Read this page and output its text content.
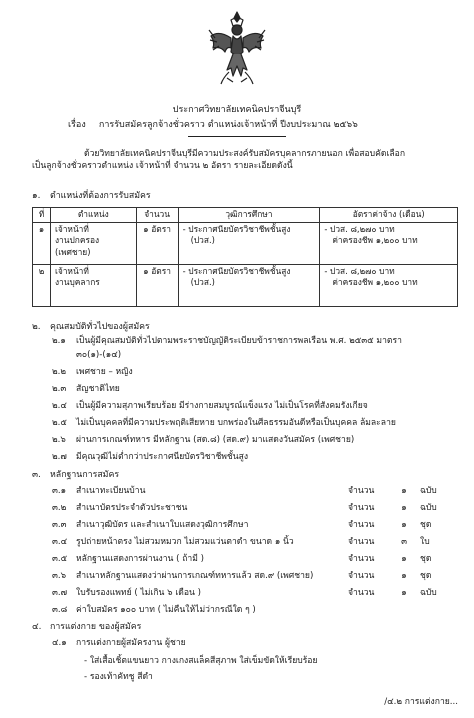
ประกาศวิทยาลัยเทคนิคปราจีนบุรี
เรื่อง การรับสมัครลูกจ้างชั่วคราว ตำแหน่งเจ้าหน้าที่ ปีงบประมาณ ๒๕๖๖

ด้วยวิทยาลัยเทคนิคปราจีนบุรีมีความประสงค์รับสมัครบุคลากรภายนอก เพื่อสอบคัดเลือก

เป็นลูกจ้างชั่วคราวตำแหน่ง เจ้าหน้าที่ จำนวน ๒ อัตรา รายละเอียดดังนี้

๑. ตำแหน่งที่ต้องการรับสมัคร
ที่	ตำแหน่ง	จำนวน	วุฒิการศึกษา	อัตราค่าจ้าง (เดือน)
๑	เจ้าหน้าที่
งานปกครอง
(เพศชาย)	๑ อัตรา	- ประกาศนียบัตรวิชาชีพชั้นสูง
(ปวส.)	- ปวส. ๘,๒๗๐ บาท
ค่าครองชีพ ๑,๒๐๐ บาท

๒	เจ้าหน้าที่
งานบุคลากร	๑ อัตรา	- ประกาศนียบัตรวิชาชีพชั้นสูง
(ปวส.)	- ปวส. ๘,๒๗๐ บาท
ค่าครองชีพ ๑,๒๐๐ บาท
๒. คุณสมบัติทั่วไปของผู้สมัคร
๒.๑ เป็นผู้มีคุณสมบัติทั่วไปตามพระราชบัญญัติระเบียบข้าราชการพลเรือน พ.ศ. ๒๕๓๕ มาตรา
๓๐(๑)-(๑๔)
๒.๒ เพศชาย – หญิง
๒.๓ สัญชาติไทย
๒.๔ เป็นผู้มีความสุภาพเรียบร้อย มีร่างกายสมบูรณ์แข็งแรง ไม่เป็นโรคที่สังคมรังเกียจ
๒.๕ ไม่เป็นบุคคลที่มีความประพฤติเสียหาย บกพร่องในศีลธรรมอันดีหรือเป็นบุคคล ล้มละลาย
๒.๖ ผ่านการเกณฑ์ทหาร มีหลักฐาน (สด.๘) (สด.๙) มาแสดงวันสมัคร (เพศชาย)
๒.๗ มีคุณวุฒิไม่ต่ำกว่าประกาศนียบัตรวิชาชีพชั้นสูง
๓. หลักฐานการสมัคร
๓.๑ สำเนาทะเบียนบ้าน	จำนวน	๑ ฉบับ
๓.๒ สำเนาบัตรประจำตัวประชาชน	จำนวน	๑ ฉบับ
๓.๓ สำเนาวุฒิบัตร และสำเนาใบแสดงวุฒิการศึกษา	จำนวน	๑ ชุด
๓.๔ รูปถ่ายหน้าตรง ไม่สวมหมวก ไม่สวมแว่นตาดำ ขนาด ๑ นิ้ว	จำนวน	๓ ใบ
๓.๕ หลักฐานแสดงการผ่านงาน ( ถ้ามี )	จำนวน	๑ ชุด
๓.๖ สำเนาหลักฐานแสดงว่าผ่านการเกณฑ์ทหารแล้ว สด.๙ (เพศชาย)	จำนวน	๑ ชุด
๓.๗ ใบรับรองแพทย์ ( ไม่เกิน ๖ เดือน )	จำนวน	๑ ฉบับ
๓.๘ ค่าใบสมัคร ๑๐๐ บาท ( ไม่คืนให้ไม่ว่ากรณีใด ๆ )
๔. การแต่งกาย ของผู้สมัคร
๔.๑ การแต่งกายผู้สมัครงาน ผู้ชาย
- ใส่เสื้อเชิ้ตแขนยาว กางเกงสแล็คสีสุภาพ ใส่เข็มขัดให้เรียบร้อย
- รองเท้าคัทชู สีดำ
/๔.๒ การแต่งกาย...
